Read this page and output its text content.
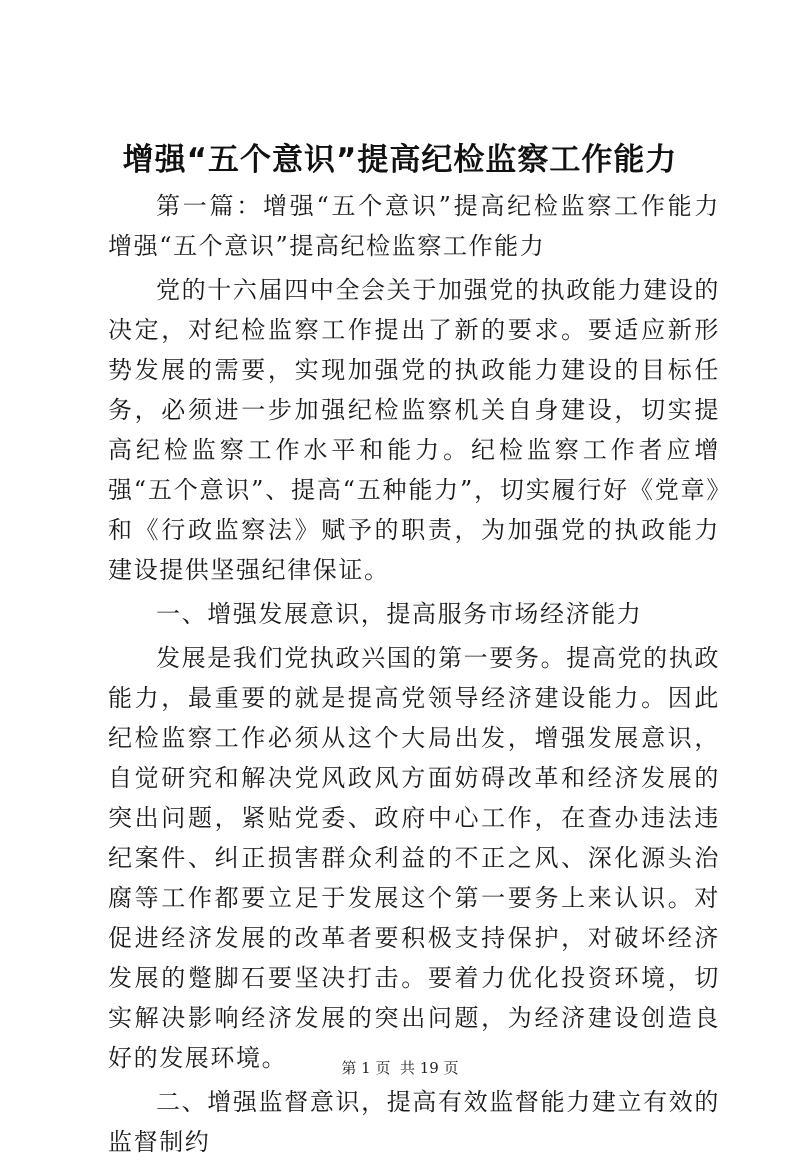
增强“五个意识”提高纪检监察工作能力

第一篇：增强“五个意识”提高纪检监察工作能力增强“五个意识”提高纪检监察工作能力

党的十六届四中全会关于加强党的执政能力建设的决定，对纪检监察工作提出了新的要求。要适应新形势发展的需要，实现加强党的执政能力建设的目标任务，必须进一步加强纪检监察机关自身建设，切实提高纪检监察工作水平和能力。纪检监察工作者应增强“五个意识”、提高“五种能力”，切实履行好《党章》和《行政监察法》赋予的职责，为加强党的执政能力建设提供坚强纪律保证。

一、增强发展意识，提高服务市场经济能力

发展是我们党执政兴国的第一要务。提高党的执政能力，最重要的就是提高党领导经济建设能力。因此纪检监察工作必须从这个大局出发，增强发展意识，自觉研究和解决党风政风方面妨碍改革和经济发展的突出问题，紧贴党委、政府中心工作，在查办违法违纪案件、纠正损害群众利益的不正之风、深化源头治腐等工作都要立足于发展这个第一要务上来认识。对促进经济发展的改革者要积极支持保护，对破坏经济发展的蹩脚石要坚决打击。要着力优化投资环境，切实解决影响经济发展的突出问题，为经济建设创造良好的发展环境。

二、增强监督意识，提高有效监督能力建立有效的监督制约

第 1 页  共 19 页
